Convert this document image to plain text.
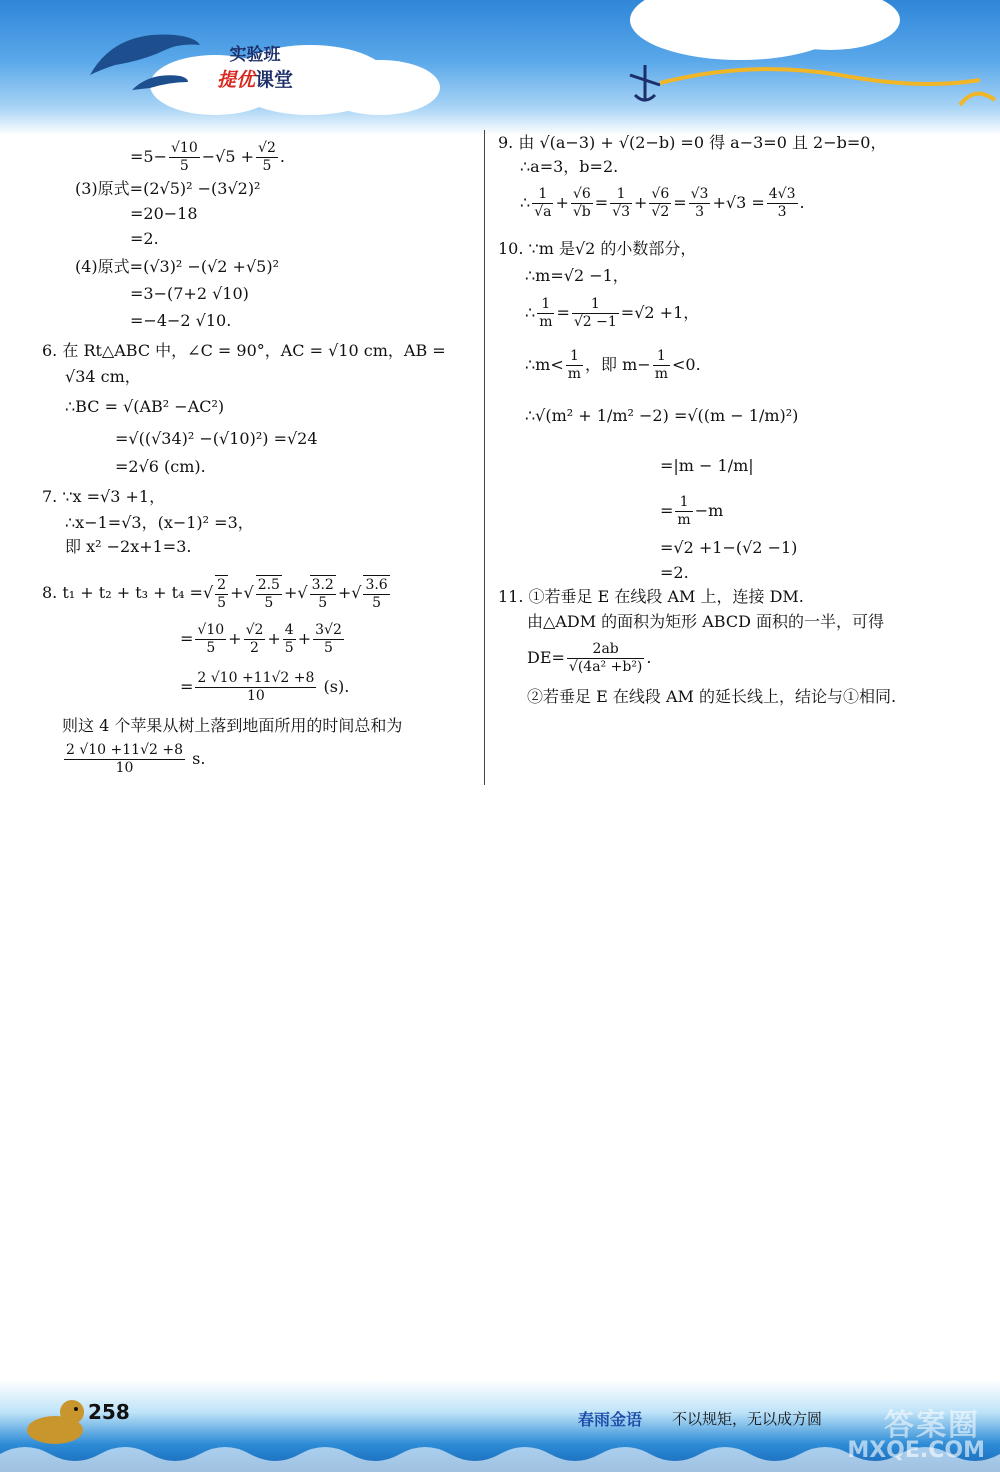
实验班
提优课堂
$=5- \frac{√10}{5} -√5 + \frac{√2}{5}$ .
(3)原式=(2√5)² −(3√2)²
=20−18
=2.
(4)原式=(√3)² −(√2 +√5)²
=3−(7+2 √10)
=−4−2 √10.
6. 在 Rt△ABC 中，∠C = 90°，AC = √10 cm，AB =
√34 cm，
∴BC = √(AB² −AC²)
=√((√34)² −(√10)²) =√24
=2√6 (cm).
7. ∵x =√3 +1，
∴x−1=√3，(x−1)² =3，
即 x² −2x+1=3.
8. t₁ + t₂ + t₃ + t₄ =√ $\frac{2}{5}$ +√ $\frac{2.5}{5}$ +√ $\frac{3.2}{5}$ +√ $\frac{3.6}{5}$
= $\frac{√10}{5} + \frac{√2}{2} + \frac{4}{5} + \frac{3√2}{5}$
= $\frac{2 √10 +11√2 +8}{10} (s)$.
则这 4 个苹果从树上落到地面所用的时间总和为
$\frac{2 √10 +11√2 +8}{10} s$.
9. 由 √(a−3) + √(2−b) =0 得 a−3=0 且 2−b=0，
∴a=3，b=2.
∴ $\frac{1}{√a} + \frac{√6}{√b} = \frac{1}{√3} + \frac{√6}{√2} = \frac{√3}{3} +√3 = \frac{4√3}{3}$ .
10. ∵m 是√2 的小数部分，
∴m=√2 −1，
∴ $\frac{1}{m} = \frac{1}{√2 -1} =√2 +1$，
∴m< $\frac{1}{m}$ ，即 $m- \frac{1}{m} <0$.
∴√(m² + 1/m² −2) =√((m − 1/m)²)
=|m − 1/m|
= $\frac{1}{m} -m$
=√2 +1−(√2 −1)
=2.
11. ①若垂足 E 在线段 AM 上，连接 DM.
由△ADM 的面积为矩形 ABCD 面积的一半，可得
$DE= \frac{2ab}{\text{√(4a² +b²)}}$ .
②若垂足 E 在线段 AM 的延长线上，结论与①相同.
258	春雨金语 不以规矩，无以成方圆 答案圈
MXQE.COM
